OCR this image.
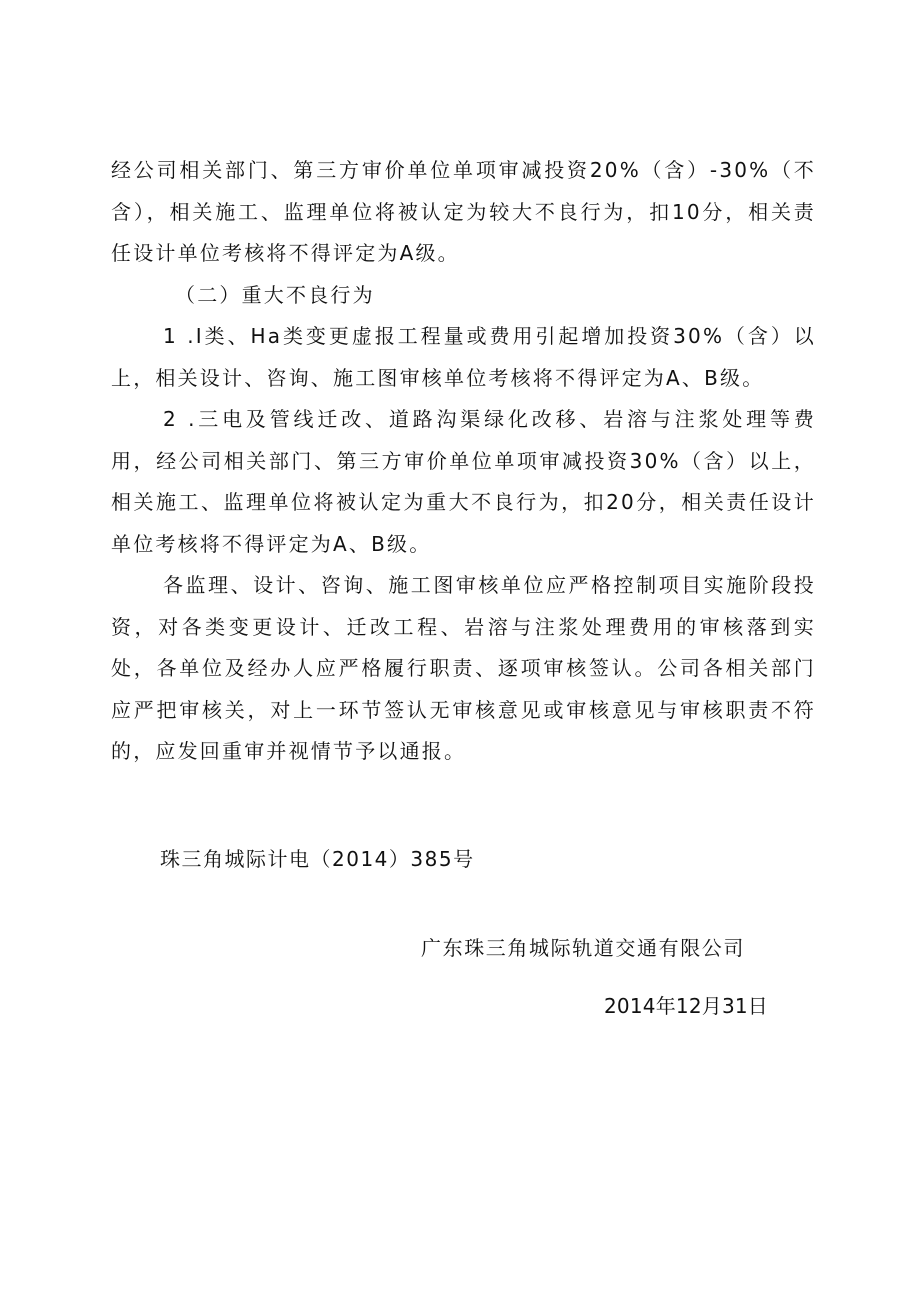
经公司相关部门、第三方审价单位单项审减投资20%（含）-30%（不含），相关施工、监理单位将被认定为较大不良行为，扣10分，相关责任设计单位考核将不得评定为A级。

（二）重大不良行为

1 .I类、Ha类变更虚报工程量或费用引起增加投资30%（含）以上，相关设计、咨询、施工图审核单位考核将不得评定为A、B级。

2 .三电及管线迁改、道路沟渠绿化改移、岩溶与注浆处理等费用，经公司相关部门、第三方审价单位单项审减投资30%（含）以上，相关施工、监理单位将被认定为重大不良行为，扣20分，相关责任设计单位考核将不得评定为A、B级。

各监理、设计、咨询、施工图审核单位应严格控制项目实施阶段投资，对各类变更设计、迁改工程、岩溶与注浆处理费用的审核落到实处，各单位及经办人应严格履行职责、逐项审核签认。公司各相关部门应严把审核关，对上一环节签认无审核意见或审核意见与审核职责不符的，应发回重审并视情节予以通报。

珠三角城际计电（2014）385号
广东珠三角城际轨道交通有限公司
2014年12月31日
